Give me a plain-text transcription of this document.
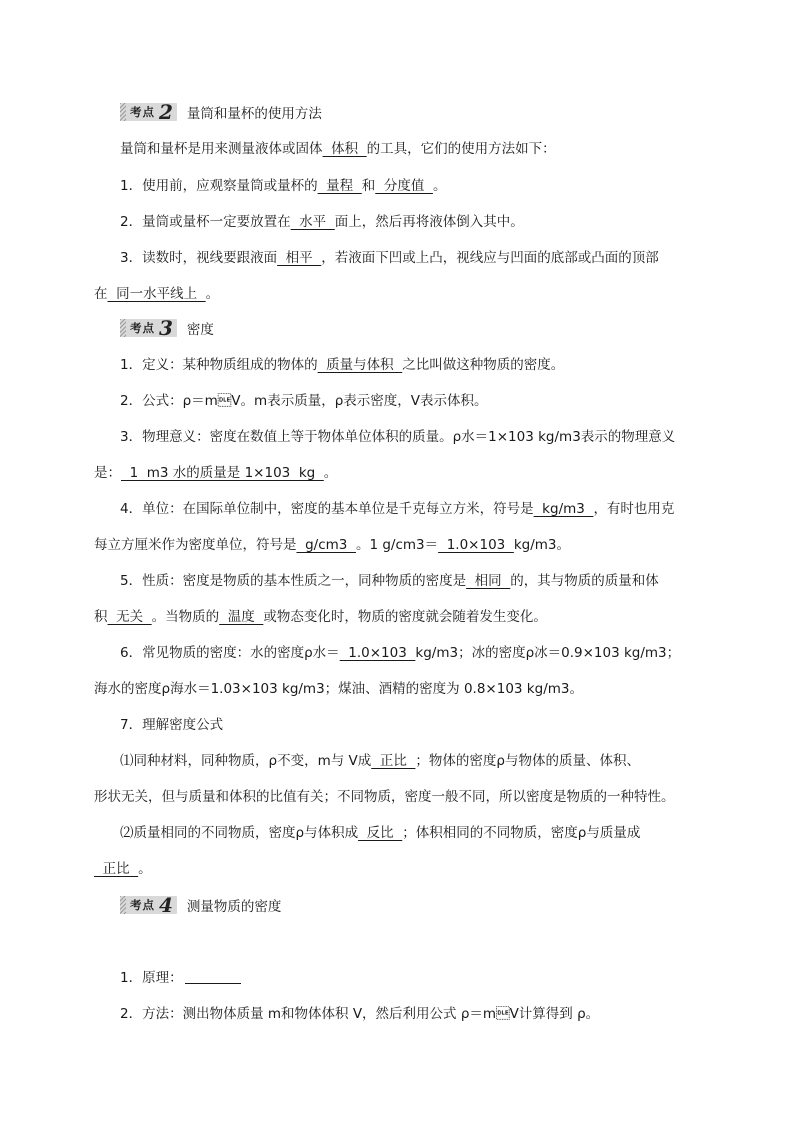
考点 2 量筒和量杯的使用方法
量筒和量杯是用来测量液体或固体  体积  的工具，它们的使用方法如下：
1．使用前，应观察量筒或量杯的  量程  和  分度值  。
2．量筒或量杯一定要放置在  水平  面上，然后再将液体倒入其中。
3．读数时，视线要跟液面  相平  ，若液面下凹或上凸，视线应与凹面的底部或凸面的顶部
在  同一水平线上  。
考点 3 密度
1．定义：某种物质组成的物体的  质量与体积  之比叫做这种物质的密度。
2．公式：ρ＝mV。m表示质量，ρ表示密度，V表示体积。
3．物理意义：密度在数值上等于物体单位体积的质量。ρ水＝1×103 kg/m3表示的物理意义
是：  1  m3 水的质量是 1×103  kg  。
4．单位：在国际单位制中，密度的基本单位是千克每立方米，符号是  kg/m3  ，有时也用克
每立方厘米作为密度单位，符号是  g/cm3  。1 g/cm3＝  1.0×103  kg/m3。
5．性质：密度是物质的基本性质之一，同种物质的密度是  相同  的，其与物质的质量和体
积  无关  。当物质的  温度  或物态变化时，物质的密度就会随着发生变化。
6．常见物质的密度：水的密度ρ水＝  1.0×103  kg/m3；冰的密度ρ冰＝0.9×103 kg/m3；
海水的密度ρ海水＝1.03×103 kg/m3；煤油、酒精的密度为 0.8×103 kg/m3。
7．理解密度公式
⑴同种材料，同种物质，ρ不变，m与 V成  正比  ；物体的密度ρ与物体的质量、体积、
形状无关，但与质量和体积的比值有关；不同物质，密度一般不同，所以密度是物质的一种特性。
⑵质量相同的不同物质，密度ρ与体积成  反比  ；体积相同的不同物质，密度ρ与质量成
正比  。
考点 4 测量物质的密度
1．原理：
2．方法：测出物体质量 m和物体体积 V，然后利用公式 ρ＝mV计算得到 ρ。
